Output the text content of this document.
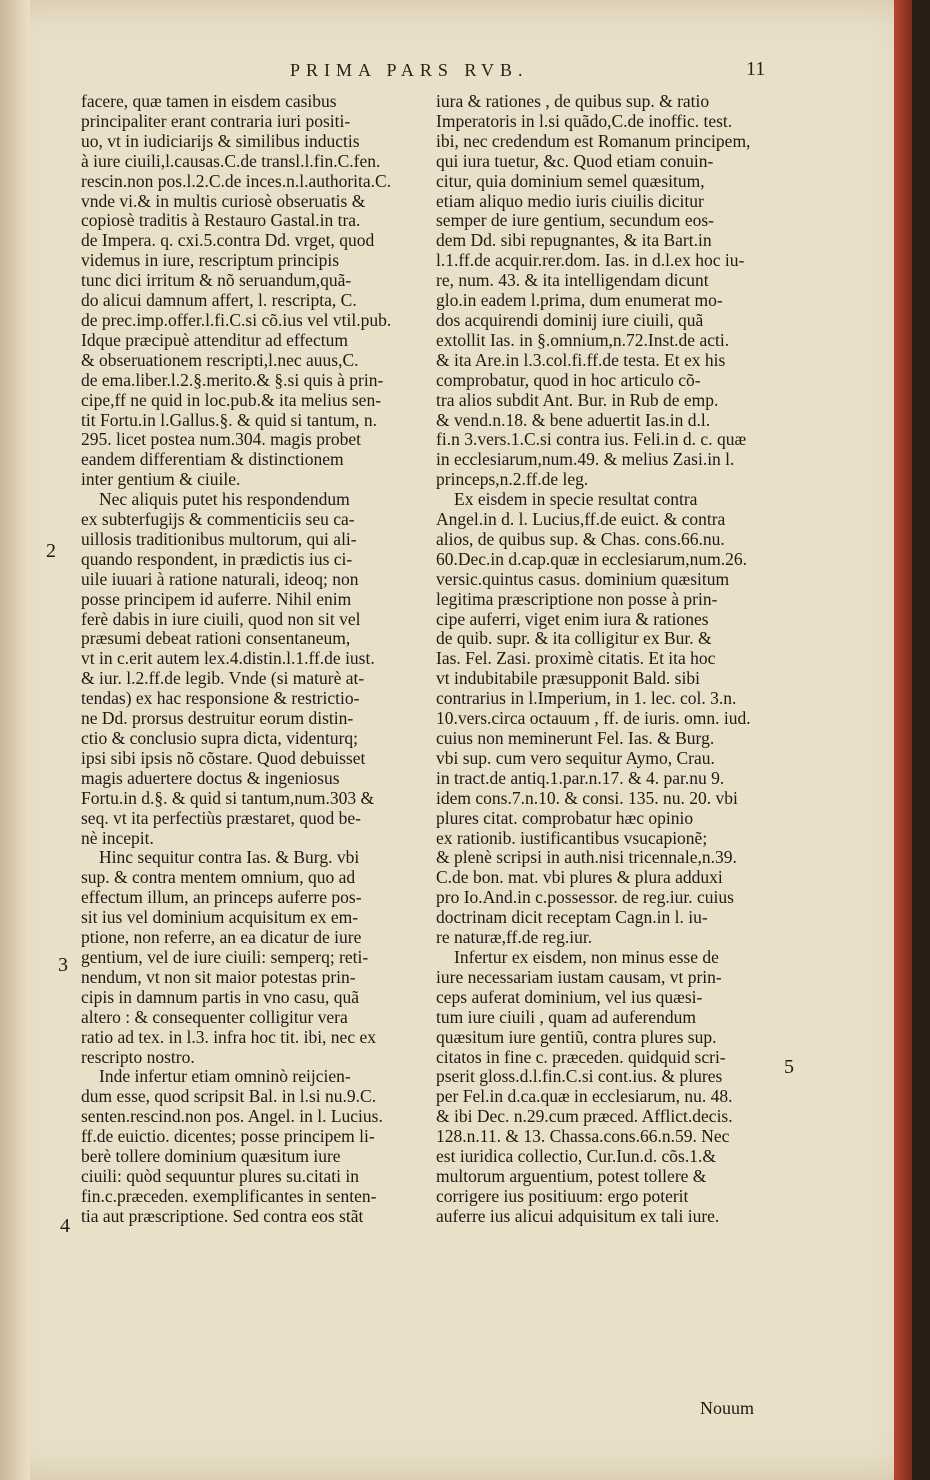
PRIMA PARS RVB.	11
facere, quæ tamen in eisdem casibus
principaliter erant contraria iuri positi-
uo, vt in iudiciarijs & similibus inductis
à iure ciuili,l.causas.C.de transl.l.fin.C.fen.
rescin.non pos.l.2.C.de inces.n.l.authorita.C.
vnde vi.& in multis curiosè obseruatis &
copiosè traditis à Restauro Gastal.in tra.
de Impera. q. cxi.5.contra Dd. vrget, quod
videmus in iure, rescriptum principis
tunc dici irritum & nõ seruandum,quã-
do alicui damnum affert, l. rescripta, C.
de prec.imp.offer.l.fi.C.si cõ.ius vel vtil.pub.
Idque præcipuè attenditur ad effectum
& obseruationem rescripti,l.nec auus,C.
de ema.liber.l.2.§.merito.& §.si quis à prin-
cipe,ff ne quid in loc.pub.& ita melius sen-
tit Fortu.in l.Gallus.§. & quid si tantum, n.
295. licet postea num.304. magis probet
eandem differentiam & distinctionem
inter gentium & ciuile.
Nec aliquis putet his respondendum
ex subterfugijs & commenticiis seu ca-
uillosis traditionibus multorum, qui ali-
quando respondent, in prædictis ius ci-
uile iuuari à ratione naturali, ideoq; non
posse principem id auferre. Nihil enim
ferè dabis in iure ciuili, quod non sit vel
præsumi debeat rationi consentaneum,
vt in c.erit autem lex.4.distin.l.1.ff.de iust.
& iur. l.2.ff.de legib. Vnde (si maturè at-
tendas) ex hac responsione & restrictio-
ne Dd. prorsus destruitur eorum distin-
ctio & conclusio supra dicta, videnturq;
ipsi sibi ipsis nõ cõstare. Quod debuisset
magis aduertere doctus & ingeniosus
Fortu.in d.§. & quid si tantum,num.303 &
seq. vt ita perfectiùs præstaret, quod be-
nè incepit.
Hinc sequitur contra Ias. & Burg. vbi
sup. & contra mentem omnium, quo ad
effectum illum, an princeps auferre pos-
sit ius vel dominium acquisitum ex em-
ptione, non referre, an ea dicatur de iure
gentium, vel de iure ciuili: semperq; reti-
nendum, vt non sit maior potestas prin-
cipis in damnum partis in vno casu, quã
altero : & consequenter colligitur vera
ratio ad tex. in l.3. infra hoc tit. ibi, nec ex
rescripto nostro.
Inde infertur etiam omninò reijcien-
dum esse, quod scripsit Bal. in l.si nu.9.C.
senten.rescind.non pos. Angel. in l. Lucius.
ff.de euictio. dicentes; posse principem li-
berè tollere dominium quæsitum iure
ciuili: quòd sequuntur plures su.citati in
fin.c.præceden. exemplificantes in senten-
tia aut præscriptione. Sed contra eos stãt
iura & rationes , de quibus sup. & ratio
Imperatoris in l.si quãdo,C.de inoffic. test.
ibi, nec credendum est Romanum principem,
qui iura tuetur, &c. Quod etiam conuin-
citur, quia dominium semel quæsitum,
etiam aliquo medio iuris ciuilis dicitur
semper de iure gentium, secundum eos-
dem Dd. sibi repugnantes, & ita Bart.in
l.1.ff.de acquir.rer.dom. Ias. in d.l.ex hoc iu-
re, num. 43. & ita intelligendam dicunt
glo.in eadem l.prima, dum enumerat mo-
dos acquirendi dominij iure ciuili, quã
extollit Ias. in §.omnium,n.72.Inst.de acti.
& ita Are.in l.3.col.fi.ff.de testa. Et ex his
comprobatur, quod in hoc articulo cõ-
tra alios subdit Ant. Bur. in Rub de emp.
& vend.n.18. & bene aduertit Ias.in d.l.
fi.n 3.vers.1.C.si contra ius. Feli.in d. c. quæ
in ecclesiarum,num.49. & melius Zasi.in l.
princeps,n.2.ff.de leg.
Ex eisdem in specie resultat contra
Angel.in d. l. Lucius,ff.de euict. & contra
alios, de quibus sup. & Chas. cons.66.nu.
60.Dec.in d.cap.quæ in ecclesiarum,num.26.
versic.quintus casus. dominium quæsitum
legitima præscriptione non posse à prin-
cipe auferri, viget enim iura & rationes
de quib. supr. & ita colligitur ex Bur. &
Ias. Fel. Zasi. proximè citatis. Et ita hoc
vt indubitabile præsupponit Bald. sibi
contrarius in l.Imperium, in 1. lec. col. 3.n.
10.vers.circa octauum , ff. de iuris. omn. iud.
cuius non meminerunt Fel. Ias. & Burg.
vbi sup. cum vero sequitur Aymo, Crau.
in tract.de antiq.1.par.n.17. & 4. par.nu 9.
idem cons.7.n.10. & consi. 135. nu. 20. vbi
plures citat. comprobatur hæc opinio
ex rationib. iustificantibus vsucapionẽ;
& plenè scripsi in auth.nisi tricennale,n.39.
C.de bon. mat. vbi plures & plura adduxi
pro Io.And.in c.possessor. de reg.iur. cuius
doctrinam dicit receptam Cagn.in l. iu-
re naturæ,ff.de reg.iur.
Infertur ex eisdem, non minus esse de
iure necessariam iustam causam, vt prin-
ceps auferat dominium, vel ius quæsi-
tum iure ciuili , quam ad auferendum
quæsitum iure gentiũ, contra plures sup.
citatos in fine c. præceden. quidquid scri-
pserit gloss.d.l.fin.C.si cont.ius. & plures
per Fel.in d.ca.quæ in ecclesiarum, nu. 48.
& ibi Dec. n.29.cum præced. Afflict.decis.
128.n.11. & 13. Chassa.cons.66.n.59. Nec
est iuridica collectio, Cur.Iun.d. cõs.1.&
multorum arguentium, potest tollere &
corrigere ius positiuum: ergo poterit
auferre ius alicui adquisitum ex tali iure.
2
3
4
5
Nouum
